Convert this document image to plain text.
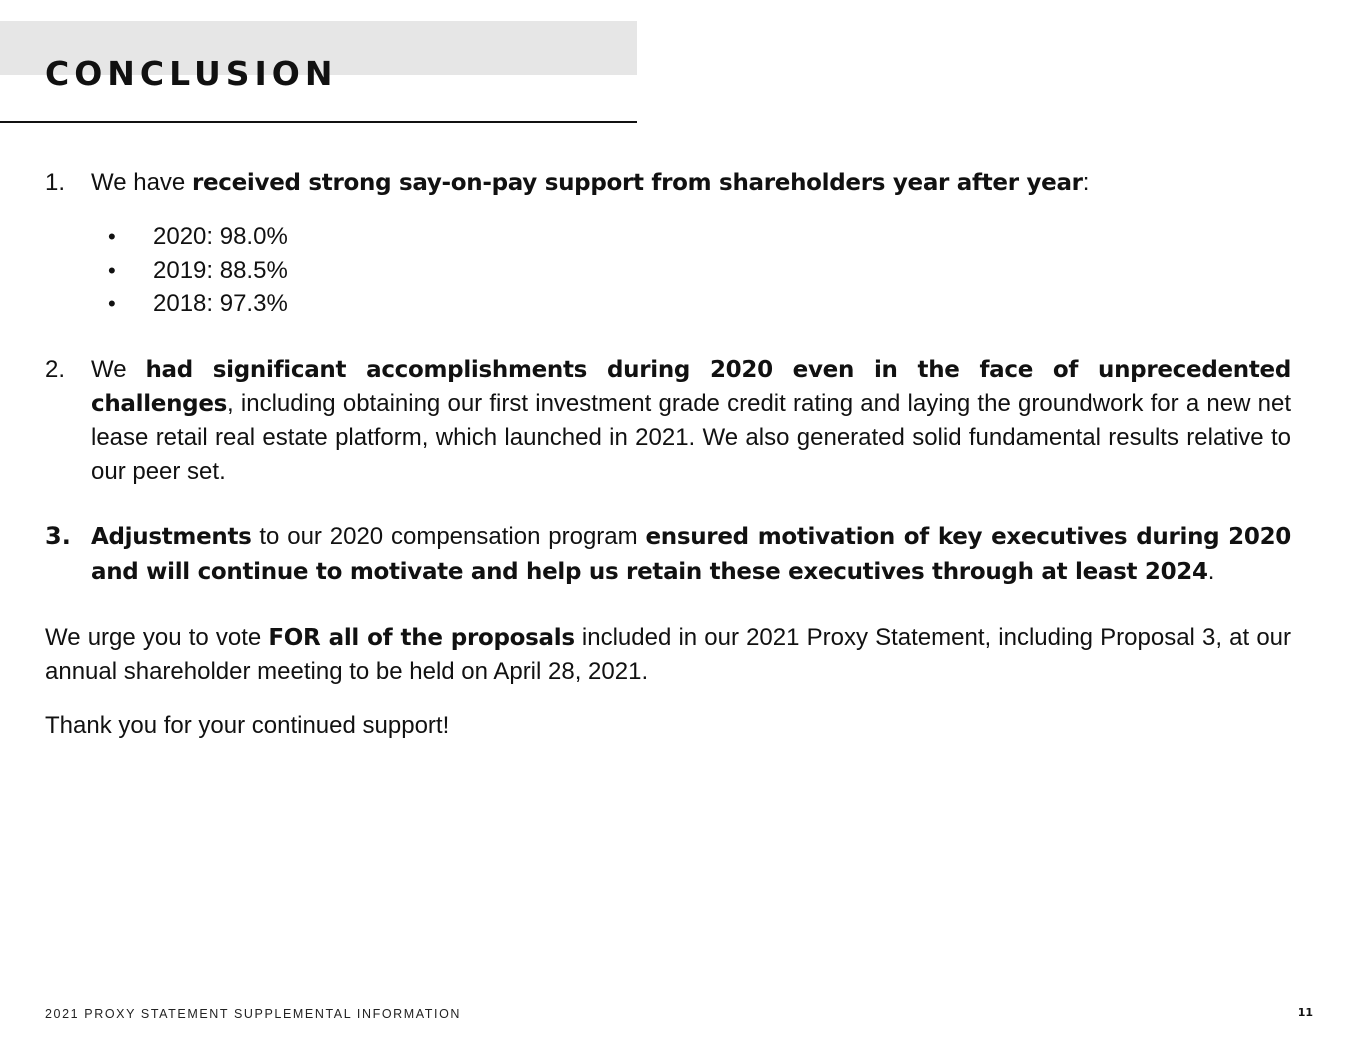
CONCLUSION
1. We have received strong say-on-pay support from shareholders year after year:
• 2020: 98.0%
• 2019: 88.5%
• 2018: 97.3%
2. We had significant accomplishments during 2020 even in the face of unprecedented challenges, including obtaining our first investment grade credit rating and laying the groundwork for a new net lease retail real estate platform, which launched in 2021. We also generated solid fundamental results relative to our peer set.
3. Adjustments to our 2020 compensation program ensured motivation of key executives during 2020 and will continue to motivate and help us retain these executives through at least 2024.

We urge you to vote FOR all of the proposals included in our 2021 Proxy Statement, including Proposal 3, at our annual shareholder meeting to be held on April 28, 2021.

Thank you for your continued support!

2021 PROXY STATEMENT SUPPLEMENTAL INFORMATION	11
